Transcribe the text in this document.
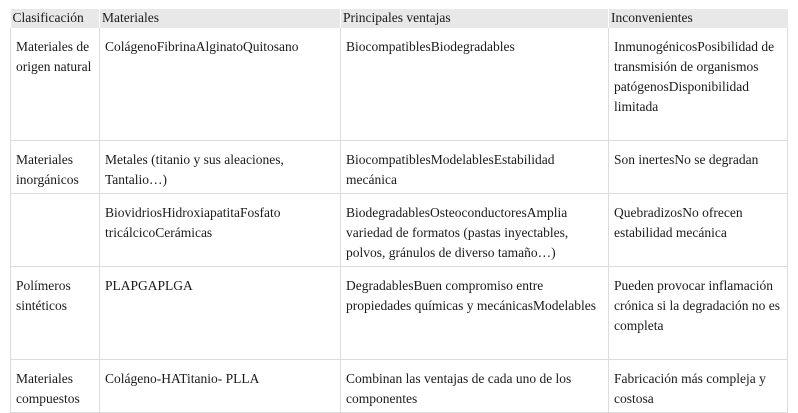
Clasificación	Materiales	Principales ventajas	Inconvenientes
Materiales de origen natural	ColágenoFibrinaAlginatoQuitosano	BiocompatiblesBiodegradables	InmunogénicosPosibilidad de transmisión de organismos patógenosDisponibilidad limitada
Materiales inorgánicos	Metales (titanio y sus aleaciones, Tantalio…)	BiocompatiblesModelablesEstabilidad mecánica	Son inertesNo se degradan
	BiovidriosHidroxiapatitaFosfato tricálcicoCerámicas	BiodegradablesOsteoconductoresAmplia variedad de formatos (pastas inyectables, polvos, gránulos de diverso tamaño…)	QuebradizosNo ofrecen estabilidad mecánica
Polímeros sintéticos	PLAPGAPLGA	DegradablesBuen compromiso entre propiedades químicas y mecánicasModelables	Pueden provocar inflamación crónica si la degradación no es completa
Materiales compuestos	Colágeno-HATitanio- PLLA	Combinan las ventajas de cada uno de los componentes	Fabricación más compleja y costosa
